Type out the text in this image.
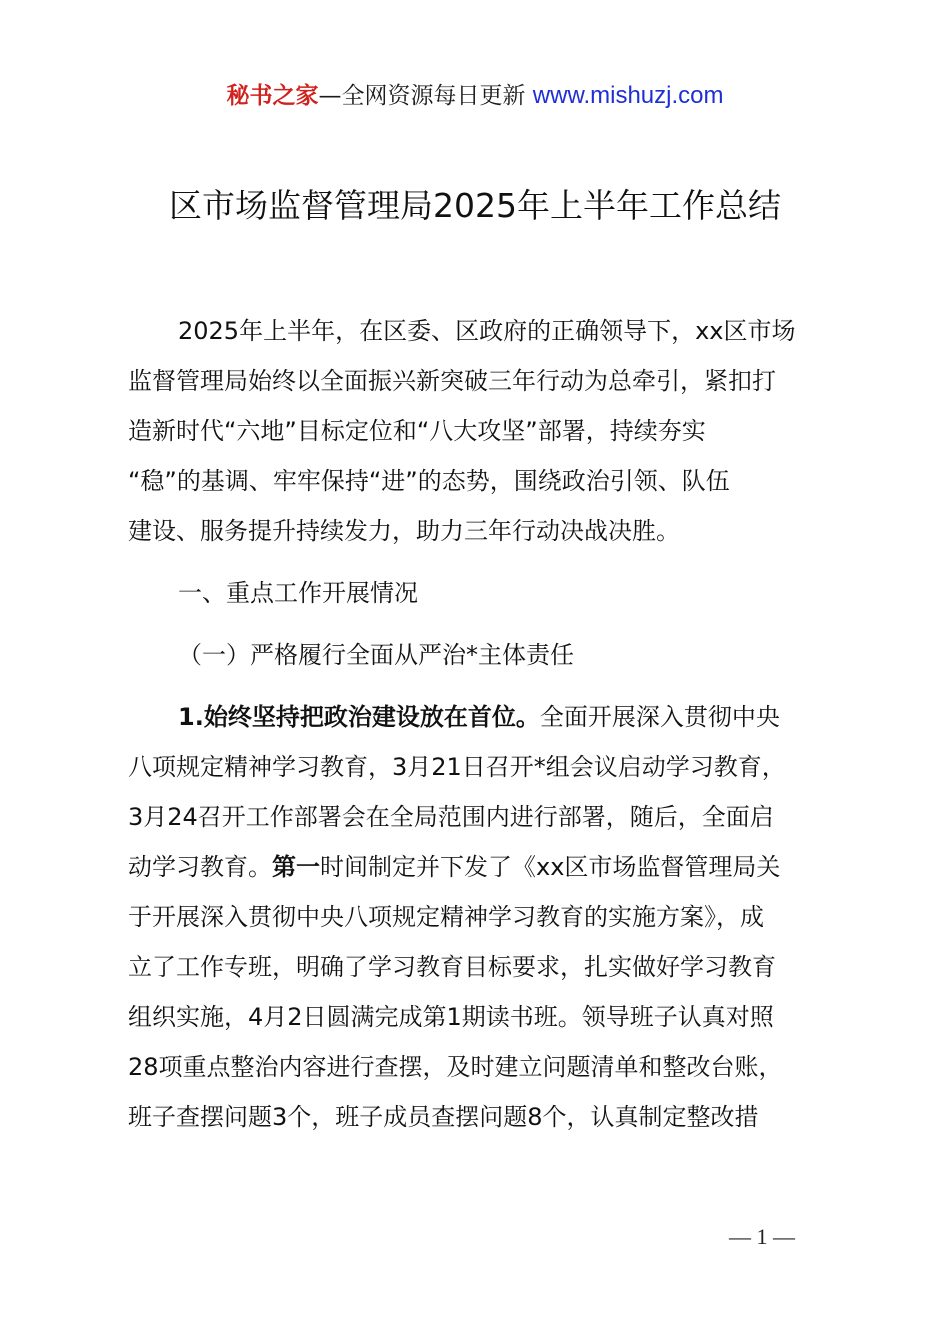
秘书之家—全网资源每日更新 www.mishuzj.com
区市场监督管理局2025年上半年工作总结
2025年上半年，在区委、区政府的正确领导下，xx区市场
监督管理局始终以全面振兴新突破三年行动为总牵引，紧扣打
造新时代“六地”目标定位和“八大攻坚”部署，持续夯实
“稳”的基调、牢牢保持“进”的态势，围绕政治引领、队伍
建设、服务提升持续发力，助力三年行动决战决胜。
一、重点工作开展情况
（一）严格履行全面从严治*主体责任
1.始终坚持把政治建设放在首位。全面开展深入贯彻中央
八项规定精神学习教育，3月21日召开*组会议启动学习教育，
3月24召开工作部署会在全局范围内进行部署，随后，全面启
动学习教育。第一时间制定并下发了《xx区市场监督管理局关
于开展深入贯彻中央八项规定精神学习教育的实施方案》，成
立了工作专班，明确了学习教育目标要求，扎实做好学习教育
组织实施，4月2日圆满完成第1期读书班。领导班子认真对照
28项重点整治内容进行查摆，及时建立问题清单和整改台账，
班子查摆问题3个，班子成员查摆问题8个，认真制定整改措
— 1 —
